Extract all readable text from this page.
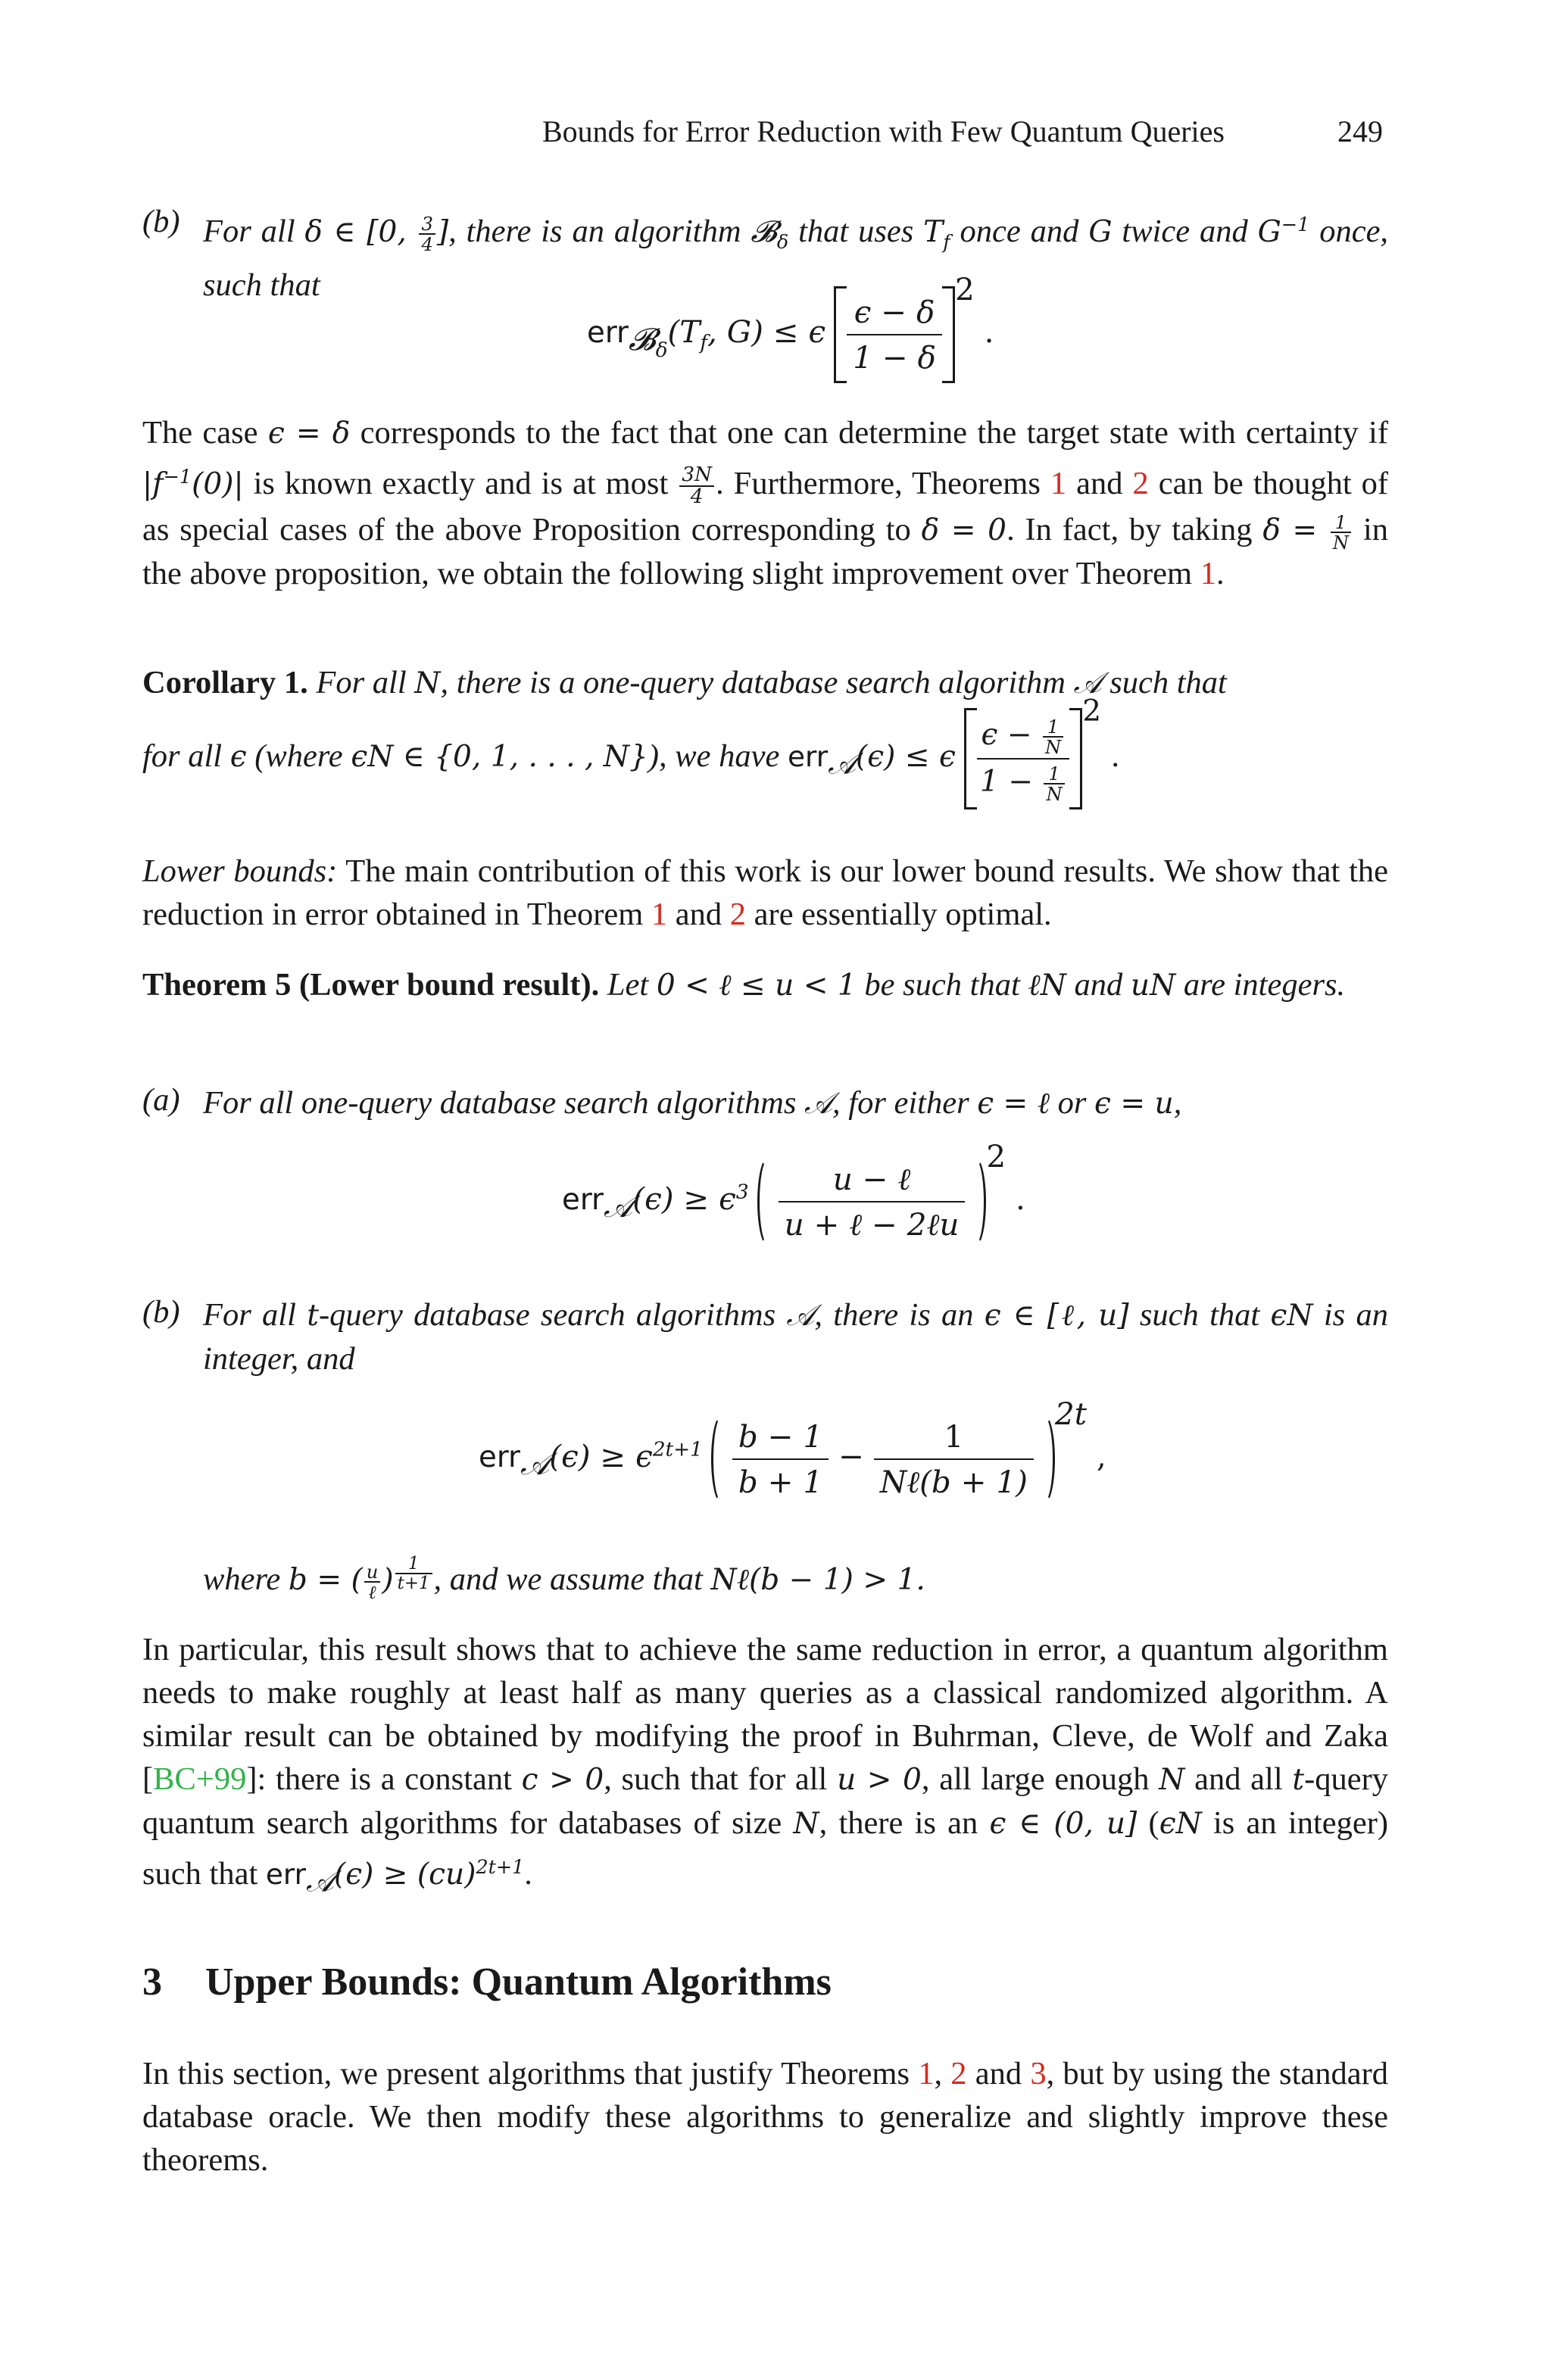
Bounds for Error Reduction with Few Quantum Queries	249
(b) For all δ ∈ [0, $\frac{3}{4}$ ], there is an algorithm 𝓑$_\delta$ that uses $T_f$ once and G twice and $G^{-1}$ once, such that
$err_{𝓑_\delta}(T_f$, G) ≤ ϵ $\frac{\epsilon - \delta}{1 - \delta}$
$^2$ .
The case ϵ = δ corresponds to the fact that one can determine the target state with certainty if $|f^{-1}(0)|$ is known exactly and is at most $\frac{3N}{4}$ . Furthermore, Theorems 1 and 2 can be thought of as special cases of the above Proposition corresponding to δ = 0. In fact, by taking $\delta = \frac{1}{N}$ in the above proposition, we obtain the following slight improvement over Theorem 1.
Corollary 1. For all N, there is a one-query database search algorithm 𝒜 such that
for all ϵ (where ϵN ∈ {0, 1, . . . , N}), we have err$_𝒜$(ϵ) ≤ ϵ $\frac{\epsilon - \frac{1}{N}}{1 - \frac{1}{N}}$
$^2$ .
Lower bounds: The main contribution of this work is our lower bound results. We show that the reduction in error obtained in Theorem 1 and 2 are essentially optimal.
Theorem 5 (Lower bound result). Let 0 < ℓ ≤ u < 1 be such that ℓN and uN are integers.
(a) For all one-query database search algorithms 𝒜, for either ϵ = ℓ or ϵ = u,
$err_𝒜(\epsilon) \ge \epsilon^3$	u − ℓ
u + ℓ − 2ℓu
$^2$ .
(b) For all t-query database search algorithms 𝒜, there is an ϵ ∈ [ℓ, u] such that ϵN is an integer, and
$err_𝒜(\epsilon) \ge \epsilon^{2t+1} \frac{b - 1}{b + 1}$ −
1
Nℓ(b + 1)
$^{2t}$ ,
where b = ( $\frac{u}{\text{ℓ}}$ ) $^{\frac{1}{t+1}}$ , and we assume that Nℓ(b − 1) > 1.
In particular, this result shows that to achieve the same reduction in error, a quantum algorithm needs to make roughly at least half as many queries as a classical randomized algorithm. A similar result can be obtained by modifying the proof in Buhrman, Cleve, de Wolf and Zaka [BC+99]: there is a constant c > 0, such that for all u > 0, all large enough N and all t-query quantum search algorithms for databases of size N, there is an ϵ ∈ (0, u] (ϵN is an integer) such that err$_𝒜$(ϵ) ≥ (cu)$^{2t+1}$.
3 Upper Bounds: Quantum Algorithms
In this section, we present algorithms that justify Theorems 1, 2 and 3, but by using the standard database oracle. We then modify these algorithms to generalize and slightly improve these theorems.
